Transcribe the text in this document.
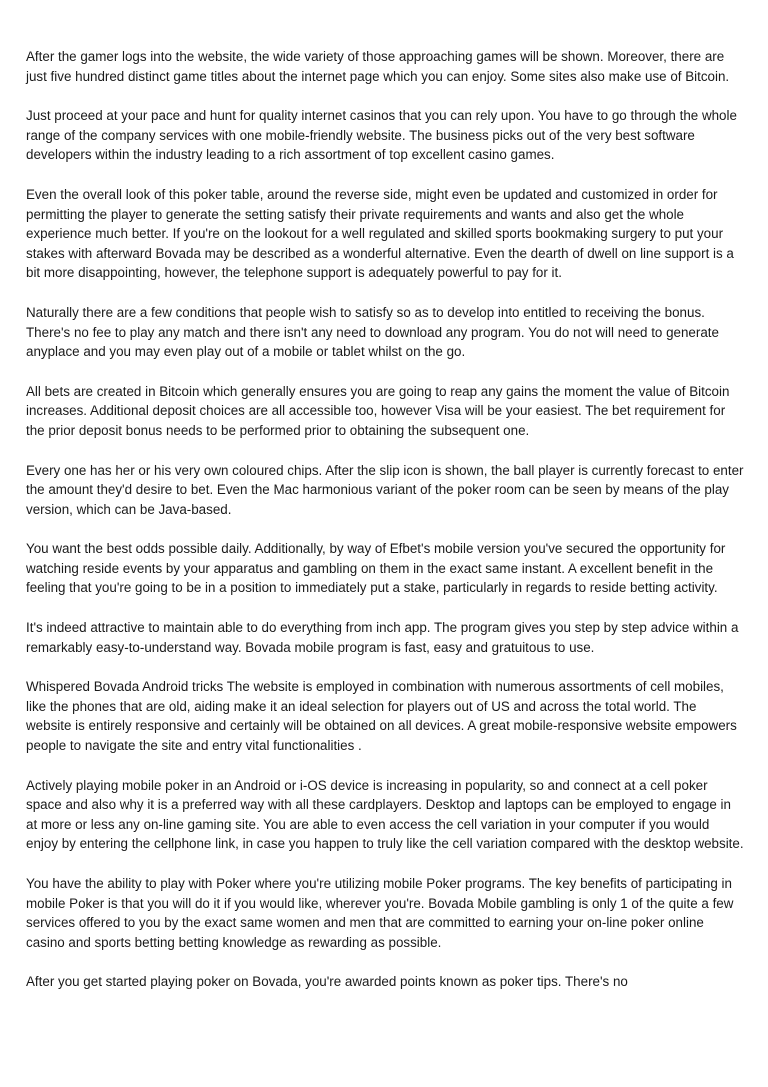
After the gamer logs into the website, the wide variety of those approaching games will be shown. Moreover, there are just five hundred distinct game titles about the internet page which you can enjoy. Some sites also make use of Bitcoin.

Just proceed at your pace and hunt for quality internet casinos that you can rely upon. You have to go through the whole range of the company services with one mobile-friendly website. The business picks out of the very best software developers within the industry leading to a rich assortment of top excellent casino games.

Even the overall look of this poker table, around the reverse side, might even be updated and customized in order for permitting the player to generate the setting satisfy their private requirements and wants and also get the whole experience much better. If you're on the lookout for a well regulated and skilled sports bookmaking surgery to put your stakes with afterward Bovada may be described as a wonderful alternative. Even the dearth of dwell on line support is a bit more disappointing, however, the telephone support is adequately powerful to pay for it.

Naturally there are a few conditions that people wish to satisfy so as to develop into entitled to receiving the bonus. There's no fee to play any match and there isn't any need to download any program. You do not will need to generate anyplace and you may even play out of a mobile or tablet whilst on the go.

All bets are created in Bitcoin which generally ensures you are going to reap any gains the moment the value of Bitcoin increases. Additional deposit choices are all accessible too, however Visa will be your easiest. The bet requirement for the prior deposit bonus needs to be performed prior to obtaining the subsequent one.

Every one has her or his very own coloured chips. After the slip icon is shown, the ball player is currently forecast to enter the amount they'd desire to bet. Even the Mac harmonious variant of the poker room can be seen by means of the play version, which can be Java-based.

You want the best odds possible daily. Additionally, by way of Efbet's mobile version you've secured the opportunity for watching reside events by your apparatus and gambling on them in the exact same instant. A excellent benefit in the feeling that you're going to be in a position to immediately put a stake, particularly in regards to reside betting activity.

It's indeed attractive to maintain able to do everything from inch app. The program gives you step by step advice within a remarkably easy-to-understand way. Bovada mobile program is fast, easy and gratuitous to use.

Whispered Bovada Android tricks The website is employed in combination with numerous assortments of cell mobiles, like the phones that are old, aiding make it an ideal selection for players out of US and across the total world. The website is entirely responsive and certainly will be obtained on all devices. A great mobile-responsive website empowers people to navigate the site and entry vital functionalities .

Actively playing mobile poker in an Android or i-OS device is increasing in popularity, so and connect at a cell poker space and also why it is a preferred way with all these cardplayers. Desktop and laptops can be employed to engage in at more or less any on-line gaming site. You are able to even access the cell variation in your computer if you would enjoy by entering the cellphone link, in case you happen to truly like the cell variation compared with the desktop website.

You have the ability to play with Poker where you're utilizing mobile Poker programs. The key benefits of participating in mobile Poker is that you will do it if you would like, wherever you're. Bovada Mobile gambling is only 1 of the quite a few services offered to you by the exact same women and men that are committed to earning your on-line poker online casino and sports betting betting knowledge as rewarding as possible.

After you get started playing poker on Bovada, you're awarded points known as poker tips. There's no
